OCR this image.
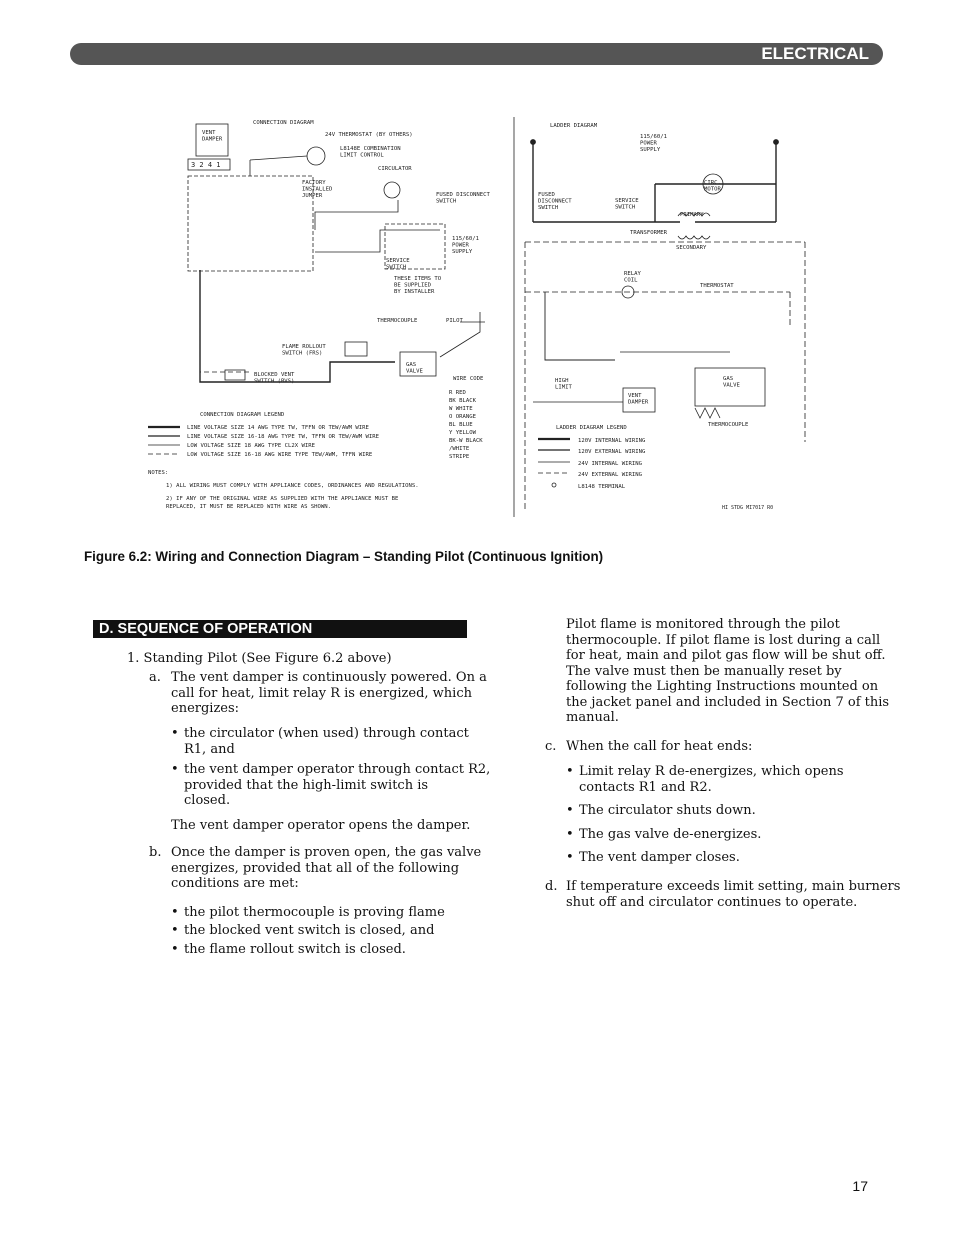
ELECTRICAL
CONNECTION DIAGRAM
VENT DAMPER
3 2 4 1
24V THERMOSTAT (BY OTHERS)
L8148E COMBINATION LIMIT CONTROL
CIRCULATOR
FACTORY INSTALLED JUMPER	FUSED DISCONNECT SWITCH
SERVICE SWITCH
115/60/1 POWER SUPPLY
THESE ITEMS TO BE SUPPLIED BY INSTALLER
THERMOCOUPLE	PILOT
FLAME ROLLOUT SWITCH (FRS)
BLOCKED VENT SWITCH (BVS)
GAS VALVE
WIRE CODE
R RED
BK BLACK
W WHITE
O ORANGE
BL BLUE
Y YELLOW
BK-W BLACK
/WHITE
STRIPE
CONNECTION DIAGRAM LEGEND
LINE VOLTAGE SIZE 14 AWG TYPE TW, TFFN OR TEW/AWM WIRE
LINE VOLTAGE SIZE 16-18 AWG TYPE TW, TFFN OR TEW/AWM WIRE
LOW VOLTAGE SIZE 18 AWG TYPE CL2X WIRE
LOW VOLTAGE SIZE 16-18 AWG WIRE TYPE TEW/AWM, TFFN WIRE
NOTES:
1) ALL WIRING MUST COMPLY WITH APPLIANCE CODES, ORDINANCES AND REGULATIONS.
2) IF ANY OF THE ORIGINAL WIRE AS SUPPLIED WITH THE APPLIANCE MUST BE
REPLACED, IT MUST BE REPLACED WITH WIRE AS SHOWN.
LADDER DIAGRAM
115/60/1 POWER SUPPLY
CIRC. MOTOR
FUSED DISCONNECT SWITCH
SERVICE SWITCH
PRIMARY
TRANSFORMER
SECONDARY
RELAY COIL
THERMOSTAT
HIGH LIMIT
VENT DAMPER
GAS VALVE
THERMOCOUPLE
LADDER DIAGRAM LEGEND
120V INTERNAL WIRING
120V EXTERNAL WIRING
24V INTERNAL WIRING
24V EXTERNAL WIRING
L8148 TERMINAL
HI STDG MI7017 R0
Figure 6.2: Wiring and Connection Diagram – Standing Pilot (Continuous Ignition)
D. SEQUENCE OF OPERATION
1. Standing Pilot (See Figure 6.2 above)
a. The vent damper is continuously powered. On a
call for heat, limit relay R is energized, which
energizes:
• the circulator (when used) through contact
R1, and
• the vent damper operator through contact R2,
provided that the high-limit switch is
closed.
The vent damper operator opens the damper.
b. Once the damper is proven open, the gas valve
energizes, provided that all of the following
conditions are met:
• the pilot thermocouple is proving flame
• the blocked vent switch is closed, and
• the flame rollout switch is closed.
Pilot flame is monitored through the pilot
thermocouple. If pilot flame is lost during a call
for heat, main and pilot gas flow will be shut off.
The valve must then be manually reset by
following the Lighting Instructions mounted on
the jacket panel and included in Section 7 of this
manual.
c. When the call for heat ends:
• Limit relay R de-energizes, which opens
contacts R1 and R2.
• The circulator shuts down.
• The gas valve de-energizes.
• The vent damper closes.
d. If temperature exceeds limit setting, main burners
shut off and circulator continues to operate.
17
